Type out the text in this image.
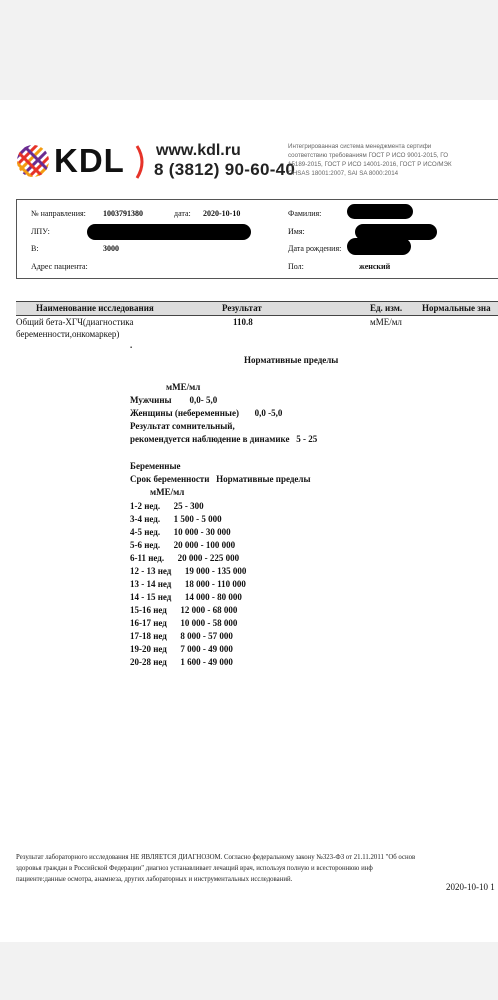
KDL www.kdl.ru
8 (3812) 90-60-40
Интегрированная система менеджмента сертифи
соответствию требованиям ГОСТ Р ИСО 9001-2015, ГО
15189-2015, ГОСТ Р ИСО 14001-2016, ГОСТ Р ИСО/МЭК
OHSAS 18001:2007, SAI SA 8000:2014
№ направления: 1003791380	дата: 2020-10-10
ЛПУ:
В:	3000
Адрес пациента:
Фамилия:
Имя:
Дата рождения:
Пол:	женский
Наименование исследования	Результат	Ед. изм. Нормальные зна
Общий бета-ХГЧ(диагностика
беременности,онкомаркер)
110.8	мМЕ/мл
.
Нормативные пределы
мМЕ/мл
Мужчины        0,0- 5,0
Женщины (небеременные)       0,0 -5,0
Результат сомнительный,
рекомендуется наблюдение в динамике   5 - 25
Беременные
Срок беременности   Нормативные пределы
мМЕ/мл
1-2 нед.      25 - 300
3-4 нед.      1 500 - 5 000
4-5 нед.      10 000 - 30 000
5-6 нед.      20 000 - 100 000
6-11 нед.      20 000 - 225 000
12 - 13 нед      19 000 - 135 000
13 - 14 нед      18 000 - 110 000
14 - 15 нед      14 000 - 80 000
15-16 нед      12 000 - 68 000
16-17 нед      10 000 - 58 000
17-18 нед      8 000 - 57 000
19-20 нед      7 000 - 49 000
20-28 нед      1 600 - 49 000
Результат лабораторного исследования НЕ ЯВЛЯЕТСЯ ДИАГНОЗОМ. Согласно федеральному закону №323-ФЗ от 21.11.2011 "Об основ
здоровья граждан в Российской Федерации" диагноз устанавливает лечащий врач, используя полную и всестороннюю инф
пациенте:данные осмотра, анамнеза, других лабораторных и инструментальных исследований.
2020-10-10 1
